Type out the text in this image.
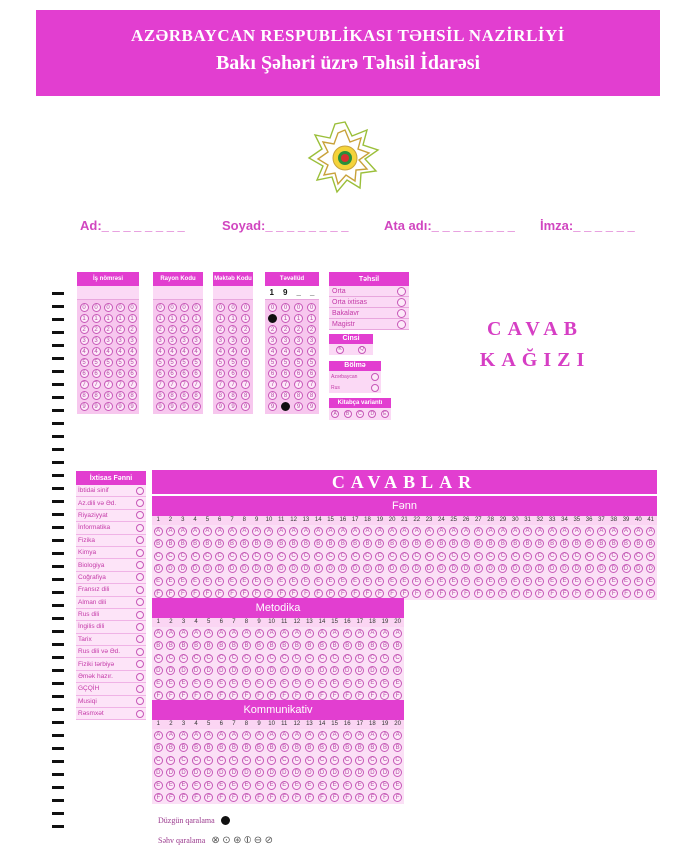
AZƏRBAYCAN RESPUBLİKASI TƏHSİL NAZİRLİYİ
Bakı Şəhəri üzrə Təhsil İdarəsi
Ad:_ _ _ _ _ _ _ _	Soyad:_ _ _ _ _ _ _ _	Ata adı:_ _ _ _ _ _ _ _ İmza:_ _ _ _ _ _
İş nömrəsi
0	0	0	0	0
1	1	1	1	1
2	2	2	2	2
3	3	3	3	3
4	4	4	4	4
5	5	5	5	5
6	6	6	6	6
7	7	7	7	7
8	8	8	8	8
9	9	9	9	9
Rayon Kodu
0	0	0	0
1	1	1	1
2	2	2	2
3	3	3	3
4	4	4	4
5	5	5	5
6	6	6	6
7	7	7	7
8	8	8	8
9	9	9	9
Məktəb Kodu
0	0	0
1	1	1
2	2	2
3	3	3
4	4	4
5	5	5
6	6	6
7	7	7
8	8	8
9	9	9
Təvəllüd
1 9 _ _
0	0	0	0
1	1	1	1
2	2	2	2
3	3	3	3
4	4	4	4
5	5	5	5
6	6	6	6
7	7	7	7
8	8	8	8
9	9	9	9
Təhsil
Orta
Orta ixtisas
Bakalavr
Magistr
Cinsi
K	Q
Bölmə
Azərbaycan
Rus
Kitabça variantı
A	B	C	D	E
CAVAB
KAĞIZI
İxtisas Fənni
İbtidai sinif
Az.dili və Əd.
Riyaziyyat
İnformatika
Fizika
Kimya
Biologiya
Coğrafiya
Fransız dili
Alman dili
Rus dili
İngilis dili
Tarix
Rus dili və Əd.
Fiziki tərbiyə
Əmək hazır.
GÇQİH
Musiqi
Rəsmxət
CAVABLAR
Fənn
1	2	3	4	5	6	7	8	9	10 11 12 13 14 15 16 17 18 19 20 21 22 23 24 25 26 27 28 29 30 31 32 33 34 35 36 37 38 39 40 41
A	A	A	A	A	A	A	A	A	A	A	A	A	A	A	A	A	A	A	A	A	A	A	A	A	A	A	A	A	A	A	A	A	A	A	A	A	A	A	A	A
B	B	B	B	B	B	B	B	B	B	B	B	B	B	B	B	B	B	B	B	B	B	B	B	B	B	B	B	B	B	B	B	B	B	B	B	B	B	B	B	B
C	C	C	C	C	C	C	C	C	C	C	C	C	C	C	C	C	C	C	C	C	C	C	C	C	C	C	C	C	C	C	C	C	C	C	C	C	C	C	C	C
D	D	D	D	D	D	D	D	D	D	D	D	D	D	D	D	D	D	D	D	D	D	D	D	D	D	D	D	D	D	D	D	D	D	D	D	D	D	D	D	D
E	E	E	E	E	E	E	E	E	E	E	E	E	E	E	E	E	E	E	E	E	E	E	E	E	E	E	E	E	E	E	E	E	E	E	E	E	E	E	E	E
F	F	F	F	F	F	F	F	F	F	F	F	F	F	F	F	F	F	F	F	F	F	F	F	F	F	F	F	F	F	F	F	F	F	F	F	F	F	F	F	F
Metodika
1	2	3	4	5	6	7	8	9	10	11	12 13 14 15 16 17 18 19 20
A	A	A	A	A	A	A	A	A	A	A	A	A	A	A	A	A	A	A	A
B	B	B	B	B	B	B	B	B	B	B	B	B	B	B	B	B	B	B	B
C	C	C	C	C	C	C	C	C	C	C	C	C	C	C	C	C	C	C	C
D	D	D	D	D	D	D	D	D	D	D	D	D	D	D	D	D	D	D	D
E	E	E	E	E	E	E	E	E	E	E	E	E	E	E	E	E	E	E	E
F	F	F	F	F	F	F	F	F	F	F	F	F	F	F	F	F	F	F	F
Kommunikativ
1	2	3	4	5	6	7	8	9	10	11	12 13 14 15 16 17 18 19 20
A	A	A	A	A	A	A	A	A	A	A	A	A	A	A	A	A	A	A	A
B	B	B	B	B	B	B	B	B	B	B	B	B	B	B	B	B	B	B	B
C	C	C	C	C	C	C	C	C	C	C	C	C	C	C	C	C	C	C	C
D	D	D	D	D	D	D	D	D	D	D	D	D	D	D	D	D	D	D	D
E	E	E	E	E	E	E	E	E	E	E	E	E	E	E	E	E	E	E	E
F	F	F	F	F	F	F	F	F	F	F	F	F	F	F	F	F	F	F	F
Düzgün qaralama
Səhv qaralama ⊗ ⊙ ⊛ ⦶ ⊖ ⊘
